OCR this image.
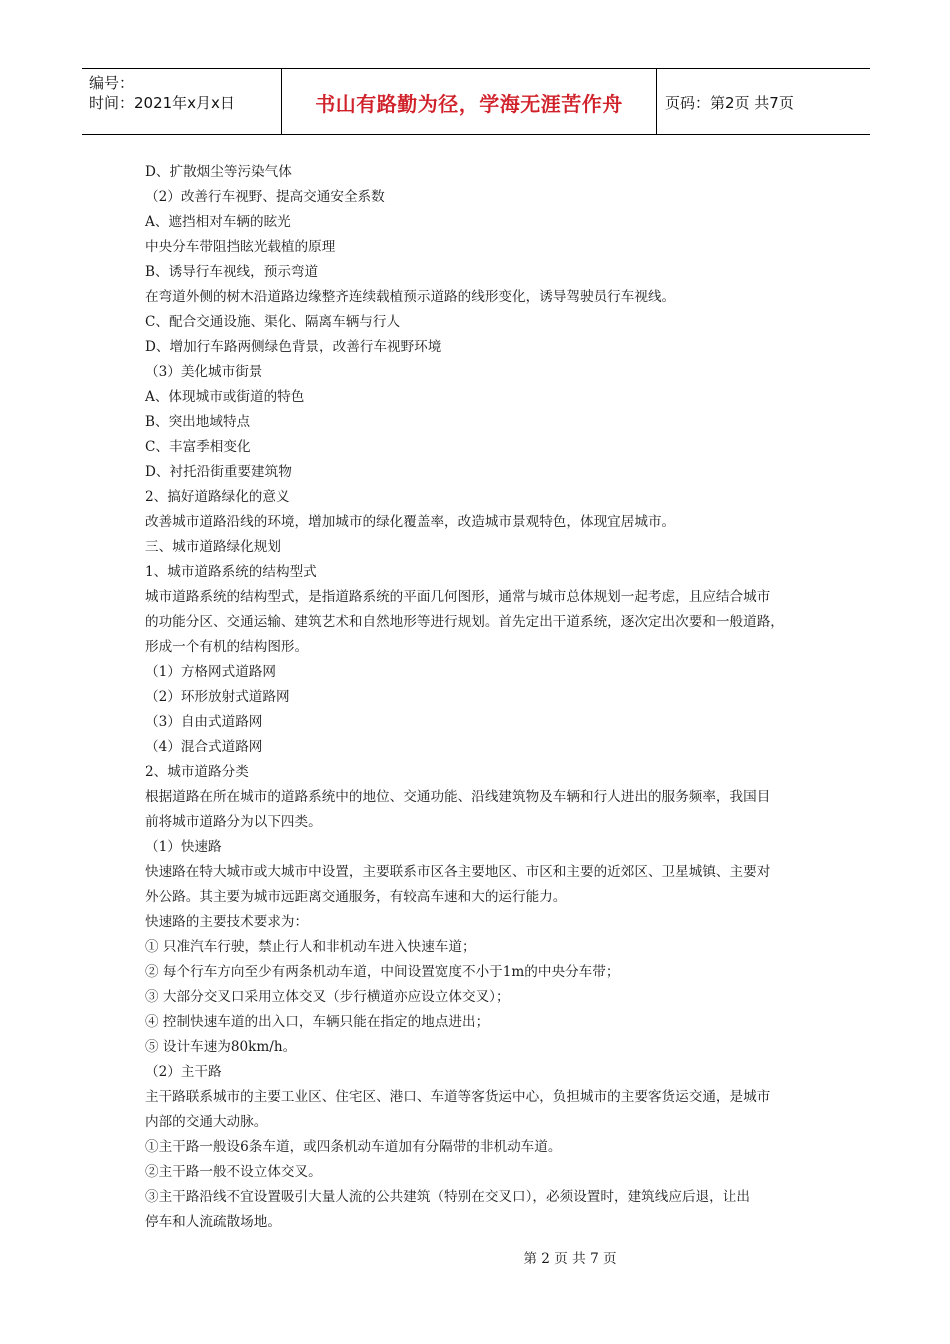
编号：
时间：2021年x月x日	书山有路勤为径，学海无涯苦作舟	页码：第2页 共7页
D、扩散烟尘等污染气体
（2）改善行车视野、提高交通安全系数
A、遮挡相对车辆的眩光
中央分车带阻挡眩光载植的原理
B、诱导行车视线，预示弯道
在弯道外侧的树木沿道路边缘整齐连续载植预示道路的线形变化，诱导驾驶员行车视线。
C、配合交通设施、渠化、隔离车辆与行人
D、增加行车路两侧绿色背景，改善行车视野环境
（3）美化城市街景
A、体现城市或街道的特色
B、突出地域特点
C、丰富季相变化
D、衬托沿街重要建筑物
2、搞好道路绿化的意义
改善城市道路沿线的环境，增加城市的绿化覆盖率，改造城市景观特色，体现宜居城市。
三、城市道路绿化规划
1、城市道路系统的结构型式
城市道路系统的结构型式，是指道路系统的平面几何图形，通常与城市总体规划一起考虑，且应结合城市
的功能分区、交通运输、建筑艺术和自然地形等进行规划。首先定出干道系统，逐次定出次要和一般道路，
形成一个有机的结构图形。
（1）方格网式道路网
（2）环形放射式道路网
（3）自由式道路网
（4）混合式道路网
2、城市道路分类
根据道路在所在城市的道路系统中的地位、交通功能、沿线建筑物及车辆和行人进出的服务频率，我国目
前将城市道路分为以下四类。
（1）快速路
快速路在特大城市或大城市中设置，主要联系市区各主要地区、市区和主要的近郊区、卫星城镇、主要对
外公路。其主要为城市远距离交通服务，有较高车速和大的运行能力。
快速路的主要技术要求为：
① 只准汽车行驶，禁止行人和非机动车进入快速车道；
② 每个行车方向至少有两条机动车道，中间设置宽度不小于1m的中央分车带；
③ 大部分交叉口采用立体交叉（步行横道亦应设立体交叉）；
④ 控制快速车道的出入口，车辆只能在指定的地点进出；
⑤ 设计车速为80km/h。
（2）主干路
主干路联系城市的主要工业区、住宅区、港口、车道等客货运中心，负担城市的主要客货运交通，是城市
内部的交通大动脉。
①主干路一般设6条车道，或四条机动车道加有分隔带的非机动车道。
②主干路一般不设立体交叉。
③主干路沿线不宜设置吸引大量人流的公共建筑（特别在交叉口），必须设置时，建筑线应后退，让出
停车和人流疏散场地。
第 2 页 共 7 页
